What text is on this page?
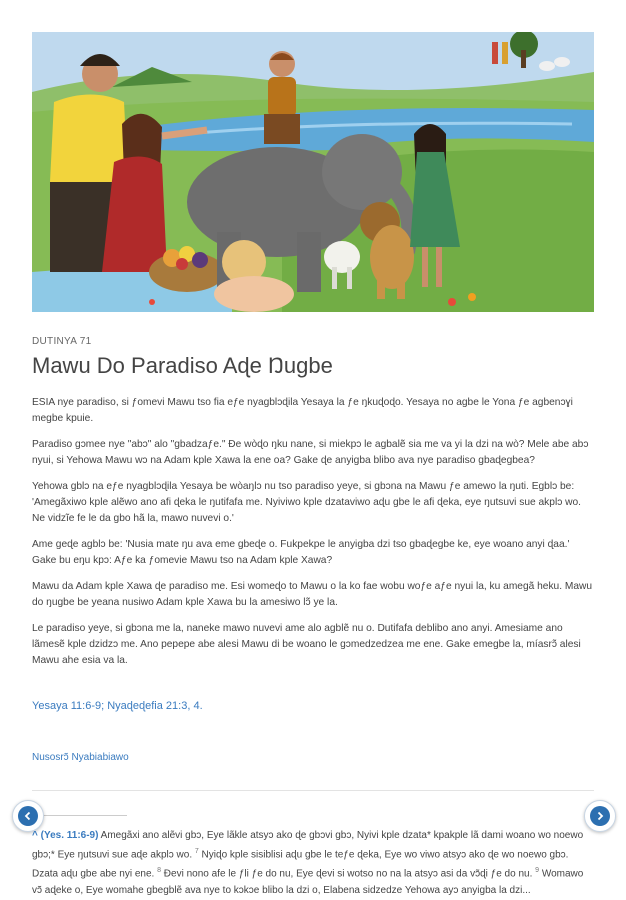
DUTINYA 71
Mawu Do Paradiso Aɖe Ŋugbe

ESIA nye paradiso, si ƒomevi Mawu tso fia eƒe nyagblɔɖila Yesaya la ƒe ŋkuɖoɖo. Yesaya no agbe le Yona ƒe agbenɔɣi megbe kpuie.

Paradiso gɔmee nye "abɔ" alo "gbadzaƒe." Ðe wòɖo ŋku nane, si miekpɔ le agbalẽ sia me va yi la dzi na wò? Mele abe abɔ nyui, si Yehowa Mawu wɔ na Adam kple Xawa la ene oa? Gake ɖe anyigba blibo ava nye paradiso gbaɖegbea?

Yehowa gblɔ na eƒe nyagblɔɖila Yesaya be wòaŋlɔ nu tso paradiso yeye, si gbɔna na Mawu ƒe amewo la ŋuti. Egblɔ be: 'Amegãxiwo kple alẽwo ano afi ɖeka le ŋutifafa me. Nyiviwo kple dzataviwo aɖu gbe le afi ɖeka, eye ŋutsuvi sue akplɔ wo. Ne vidzĩe fe le da gbo hã la, mawo nuvevi o.'

Ame geɖe agblɔ be: 'Nusia mate ŋu ava eme gbeɖe o. Fukpekpe le anyigba dzi tso gbaɖegbe ke, eye woano anyi ɖaa.' Gake bu eŋu kpɔ: Aƒe ka ƒomevie Mawu tso na Adam kple Xawa?

Mawu da Adam kple Xawa ɖe paradiso me. Esi womeɖo to Mawu o la ko fae wobu woƒe aƒe nyui la, ku amegã heku. Mawu do ŋugbe be yeana nusiwo Adam kple Xawa bu la amesiwo lɔ̃ ye la.

Le paradiso yeye, si gbɔna me la, naneke mawo nuvevi ame alo agblẽ nu o. Dutifafa deblibo ano anyi. Amesiame ano lãmesẽ kple dzidzɔ me. Ano pepepe abe alesi Mawu di be woano le gɔmedzedzea me ene. Gake emegbe la, míasrɔ̃ alesi Mawu ahe esia va la.

Yesaya 11:6-9; Nyaɖeɖefia 21:3, 4.
Nusosrɔ̃ Nyabiabiawo
^ (Yes. 11:6-9) Amegãxi ano alẽvi gbɔ, Eye lãkle atsyɔ ako ɖe gbɔvi gbɔ, Nyivi kple dzata* kpakple lã dami woano wo noewo gbɔ;* Eye ŋutsuvi sue aɖe akplɔ wo. $^7$ Nyiɖo kple sisiblisi aɖu gbe le teƒe ɖeka, Eye wo viwo atsyɔ ako ɖe wo noewo gbɔ. Dzata aɖu gbe abe nyi ene. $^8$ Ðevi nono afe le ƒli ƒe do nu, Eye ɖevi si wotso no na la atsyɔ asi da vɔ̃ɖi ƒe do nu. $^9$ Womawo vɔ̃ aɖeke o, Eye womahe gbegblẽ ava nye to kɔkɔe blibo la dzi o, Elabena sidzedze Yehowa ayɔ anyigba la dzi...
